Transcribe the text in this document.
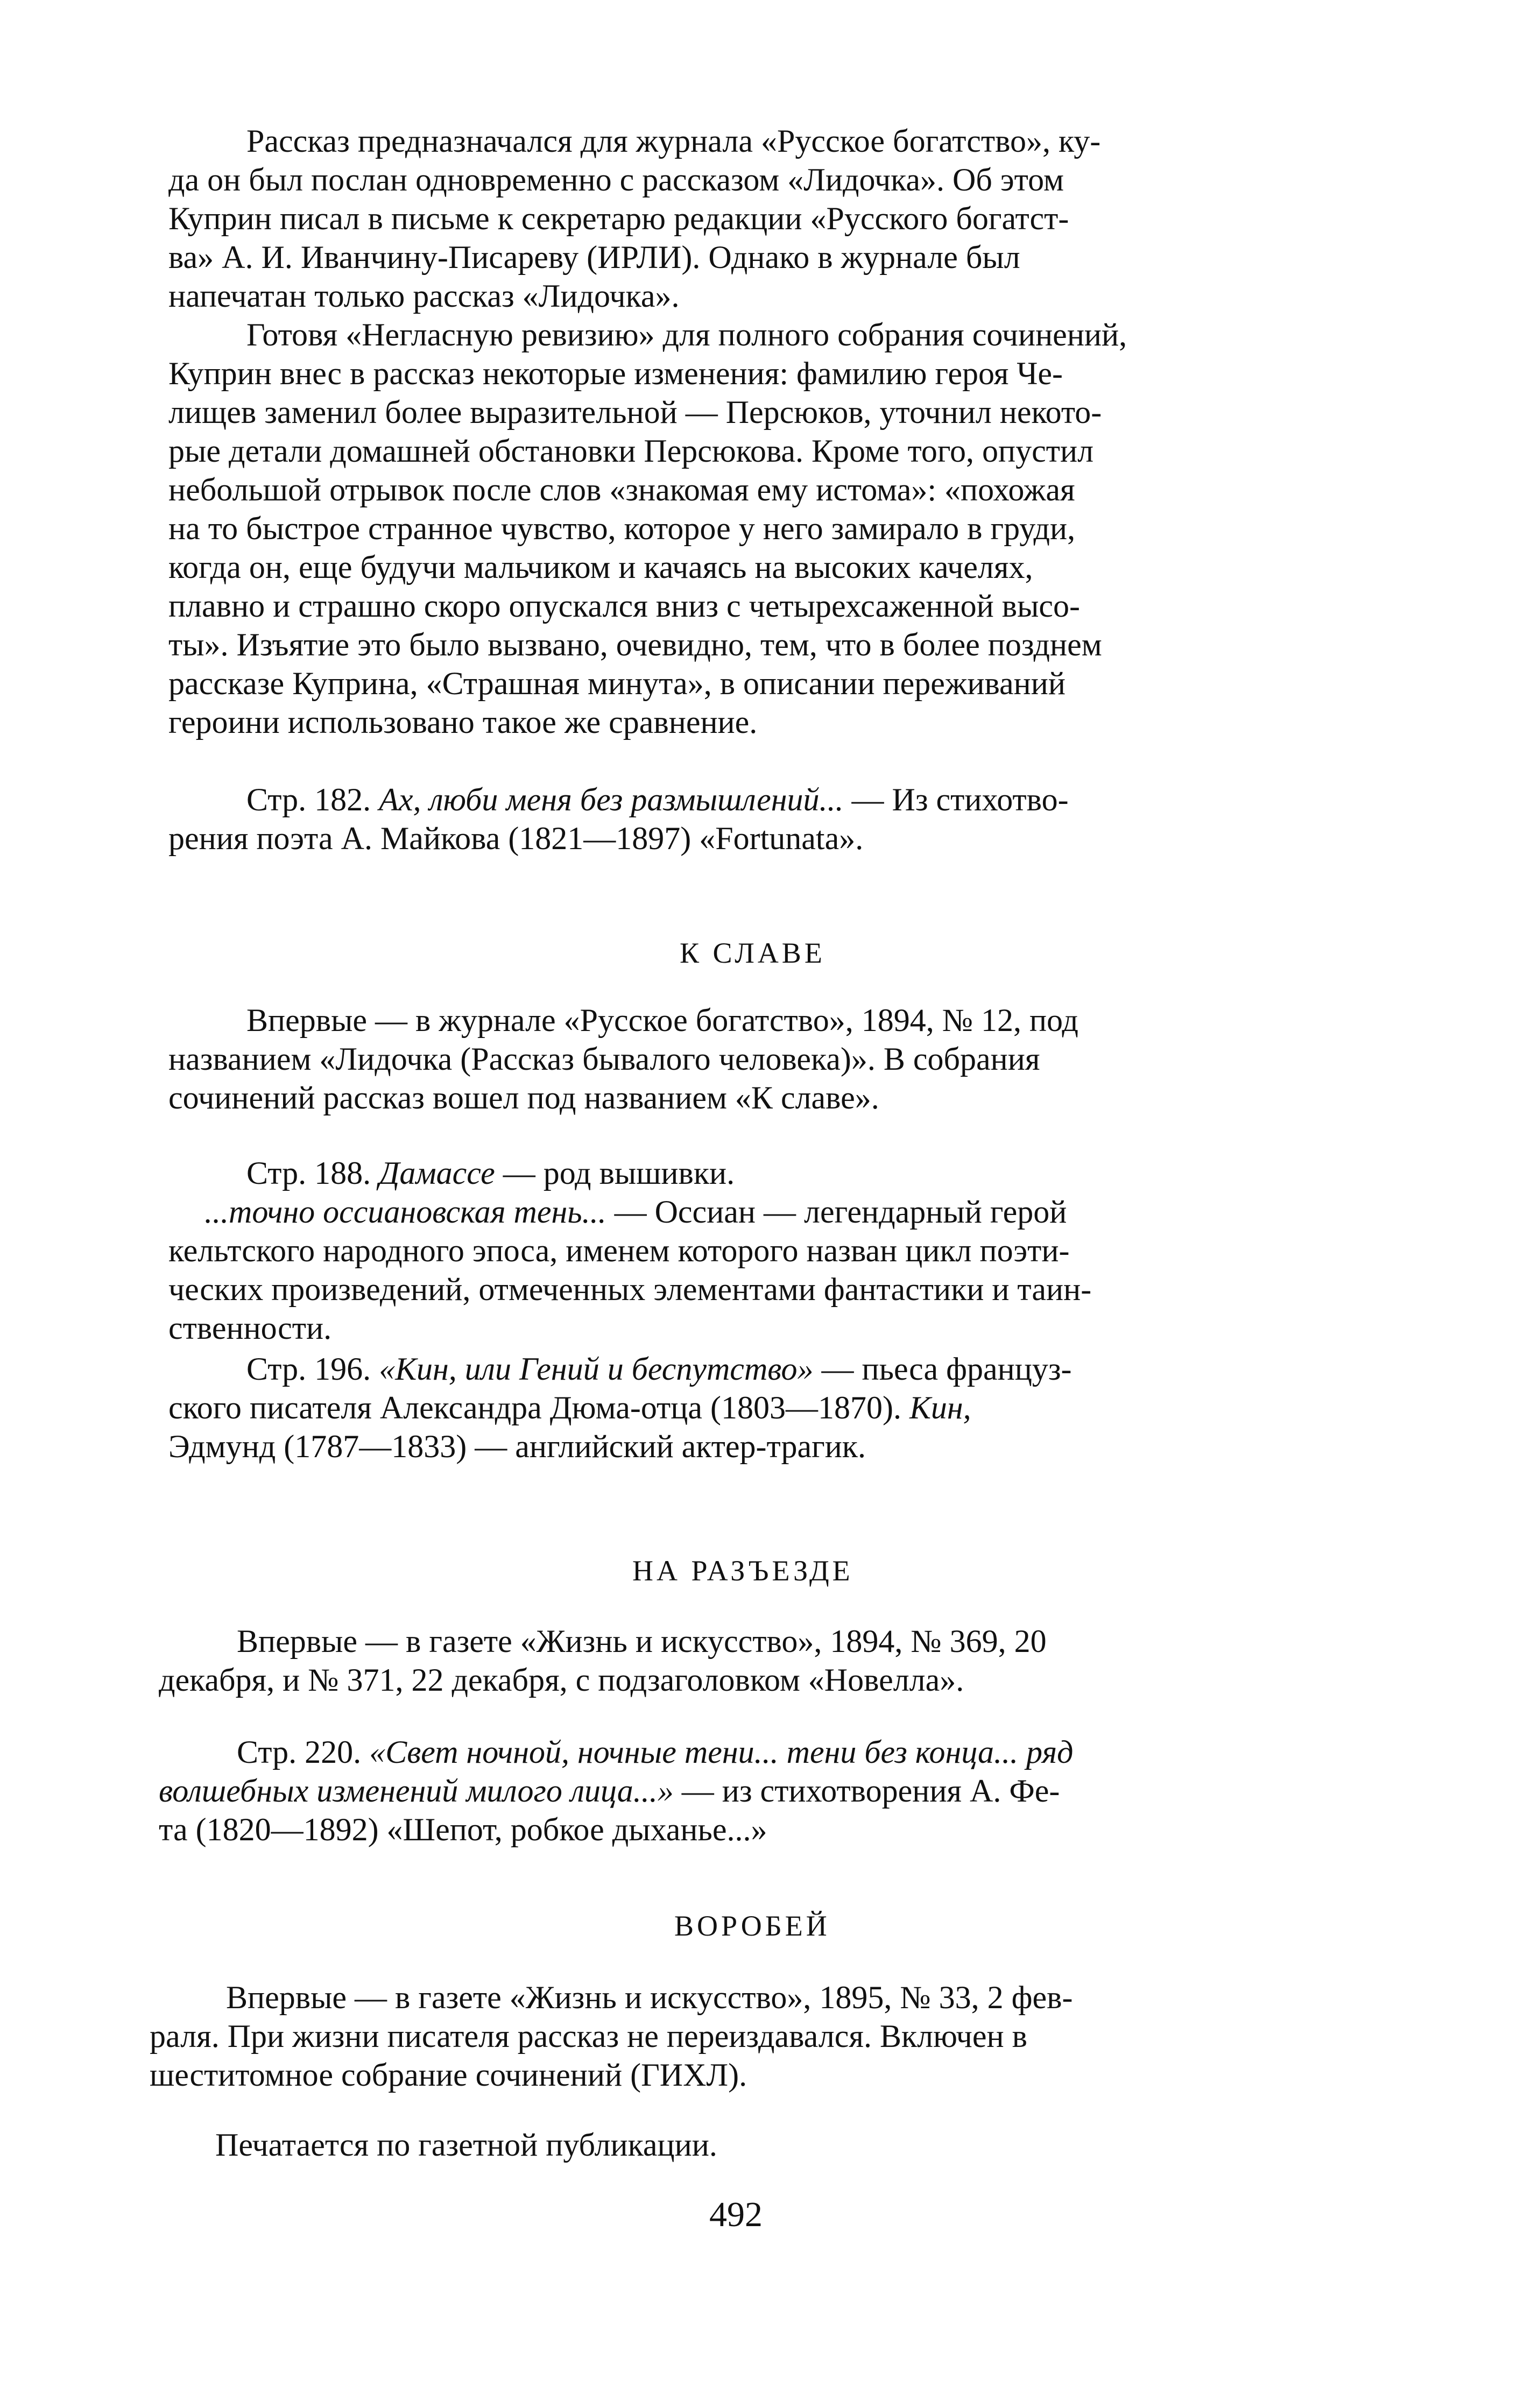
Рассказ предназначался для журнала «Русское богатство», ку-
да он был послан одновременно с рассказом «Лидочка». Об этом
Куприн писал в письме к секретарю редакции «Русского богатст-
ва» А. И. Иванчину-Писареву (ИРЛИ). Однако в журнале был
напечатан только рассказ «Лидочка».
Готовя «Негласную ревизию» для полного собрания сочинений,
Куприн внес в рассказ некоторые изменения: фамилию героя Че-
лищев заменил более выразительной — Персюков, уточнил некото-
рые детали домашней обстановки Персюкова. Кроме того, опустил
небольшой отрывок после слов «знакомая ему истома»: «похожая
на то быстрое странное чувство, которое у него замирало в груди,
когда он, еще будучи мальчиком и качаясь на высоких качелях,
плавно и страшно скоро опускался вниз с четырехсаженной высо-
ты». Изъятие это было вызвано, очевидно, тем, что в более позднем
рассказе Куприна, «Страшная минута», в описании переживаний
героини использовано такое же сравнение.
Стр. 182. Ах, люби меня без размышлений... — Из стихотво-
рения поэта А. Майкова (1821—1897) «Fortunata».
К СЛАВЕ
Впервые — в журнале «Русское богатство», 1894, № 12, под
названием «Лидочка (Рассказ бывалого человека)». В собрания
сочинений рассказ вошел под названием «К славе».
Стр. 188. Дамассе — род вышивки.
...точно оссиановская тень... — Оссиан — легендарный герой
кельтского народного эпоса, именем которого назван цикл поэти-
ческих произведений, отмеченных элементами фантастики и таин-
ственности.
Стр. 196. «Кин, или Гений и беспутство» — пьеса француз-
ского писателя Александра Дюма-отца (1803—1870). Кин,
Эдмунд (1787—1833) — английский актер-трагик.
НА РАЗЪЕЗДЕ
Впервые — в газете «Жизнь и искусство», 1894, № 369, 20
декабря, и № 371, 22 декабря, с подзаголовком «Новелла».
Стр. 220. «Свет ночной, ночные тени... тени без конца... ряд
волшебных изменений милого лица...» — из стихотворения А. Фе-
та (1820—1892) «Шепот, робкое дыханье...»
ВОРОБЕЙ
Впервые — в газете «Жизнь и искусство», 1895, № 33, 2 фев-
раля. При жизни писателя рассказ не переиздавался. Включен в
шеститомное собрание сочинений (ГИХЛ).
Печатается по газетной публикации.
492
